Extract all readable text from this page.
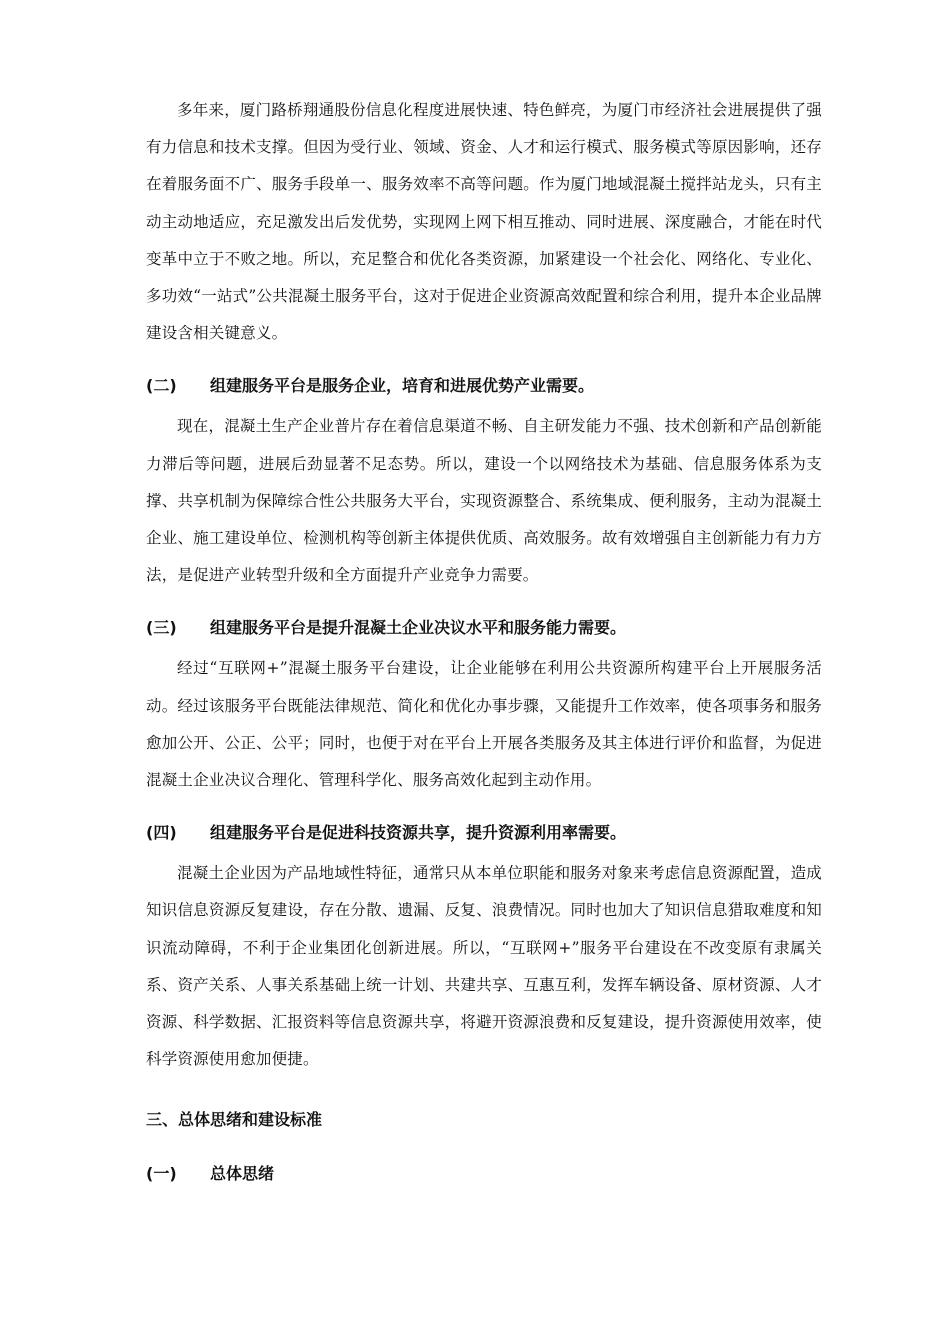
多年来，厦门路桥翔通股份信息化程度进展快速、特色鲜亮，为厦门市经济社会进展提供了强有力信息和技术支撑。但因为受行业、领域、资金、人才和运行模式、服务模式等原因影响，还存在着服务面不广、服务手段单一、服务效率不高等问题。作为厦门地域混凝土搅拌站龙头，只有主动主动地适应，充足激发出后发优势，实现网上网下相互推动、同时进展、深度融合，才能在时代变革中立于不败之地。所以，充足整合和优化各类资源，加紧建设一个社会化、网络化、专业化、多功效“一站式”公共混凝土服务平台，这对于促进企业资源高效配置和综合利用，提升本企业品牌建设含相关键意义。

(二)	组建服务平台是服务企业，培育和进展优势产业需要。

现在，混凝土生产企业普片存在着信息渠道不畅、自主研发能力不强、技术创新和产品创新能力滞后等问题，进展后劲显著不足态势。所以，建设一个以网络技术为基础、信息服务体系为支撑、共享机制为保障综合性公共服务大平台，实现资源整合、系统集成、便利服务，主动为混凝土企业、施工建设单位、检测机构等创新主体提供优质、高效服务。故有效增强自主创新能力有力方法，是促进产业转型升级和全方面提升产业竞争力需要。

(三)	组建服务平台是提升混凝土企业决议水平和服务能力需要。

经过“互联网+”混凝土服务平台建设，让企业能够在利用公共资源所构建平台上开展服务活动。经过该服务平台既能法律规范、简化和优化办事步骤，又能提升工作效率，使各项事务和服务愈加公开、公正、公平；同时，也便于对在平台上开展各类服务及其主体进行评价和监督，为促进混凝土企业决议合理化、管理科学化、服务高效化起到主动作用。

(四)	组建服务平台是促进科技资源共享，提升资源利用率需要。

混凝土企业因为产品地域性特征，通常只从本单位职能和服务对象来考虑信息资源配置，造成知识信息资源反复建设，存在分散、遗漏、反复、浪费情况。同时也加大了知识信息猎取难度和知识流动障碍，不利于企业集团化创新进展。所以，“互联网+”服务平台建设在不改变原有隶属关系、资产关系、人事关系基础上统一计划、共建共享、互惠互利，发挥车辆设备、原材资源、人才资源、科学数据、汇报资料等信息资源共享，将避开资源浪费和反复建设，提升资源使用效率，使科学资源使用愈加便捷。

三、总体思绪和建设标准
(一)	总体思绪
